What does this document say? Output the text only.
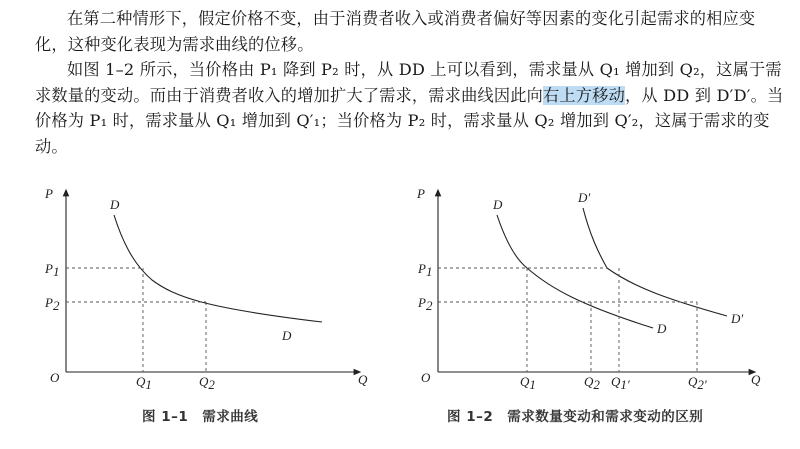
在第二种情形下，假定价格不变，由于消费者收入或消费者偏好等因素的变化引起需求的相应变化，这种变化表现为需求曲线的位移。
如图 1–2 所示，当价格由 P₁ 降到 P₂ 时，从 DD 上可以看到，需求量从 Q₁ 增加到 Q₂，这属于需求数量的变动。而由于消费者收入的增加扩大了需求，需求曲线因此向右上方移动，从 DD 到 D′D′。当价格为 P₁ 时，需求量从 Q₁ 增加到 Q′₁；当价格为 P₂ 时，需求量从 Q₂ 增加到 Q′₂，这属于需求的变动。
P
Q
O
P1
P2
Q1	Q2
D
D
图 1–1　需求曲线
P
Q
O
P1
P2
Q1	Q2 Q1′	Q2′
D
D
D′
D′
图 1–2　需求数量变动和需求变动的区别
